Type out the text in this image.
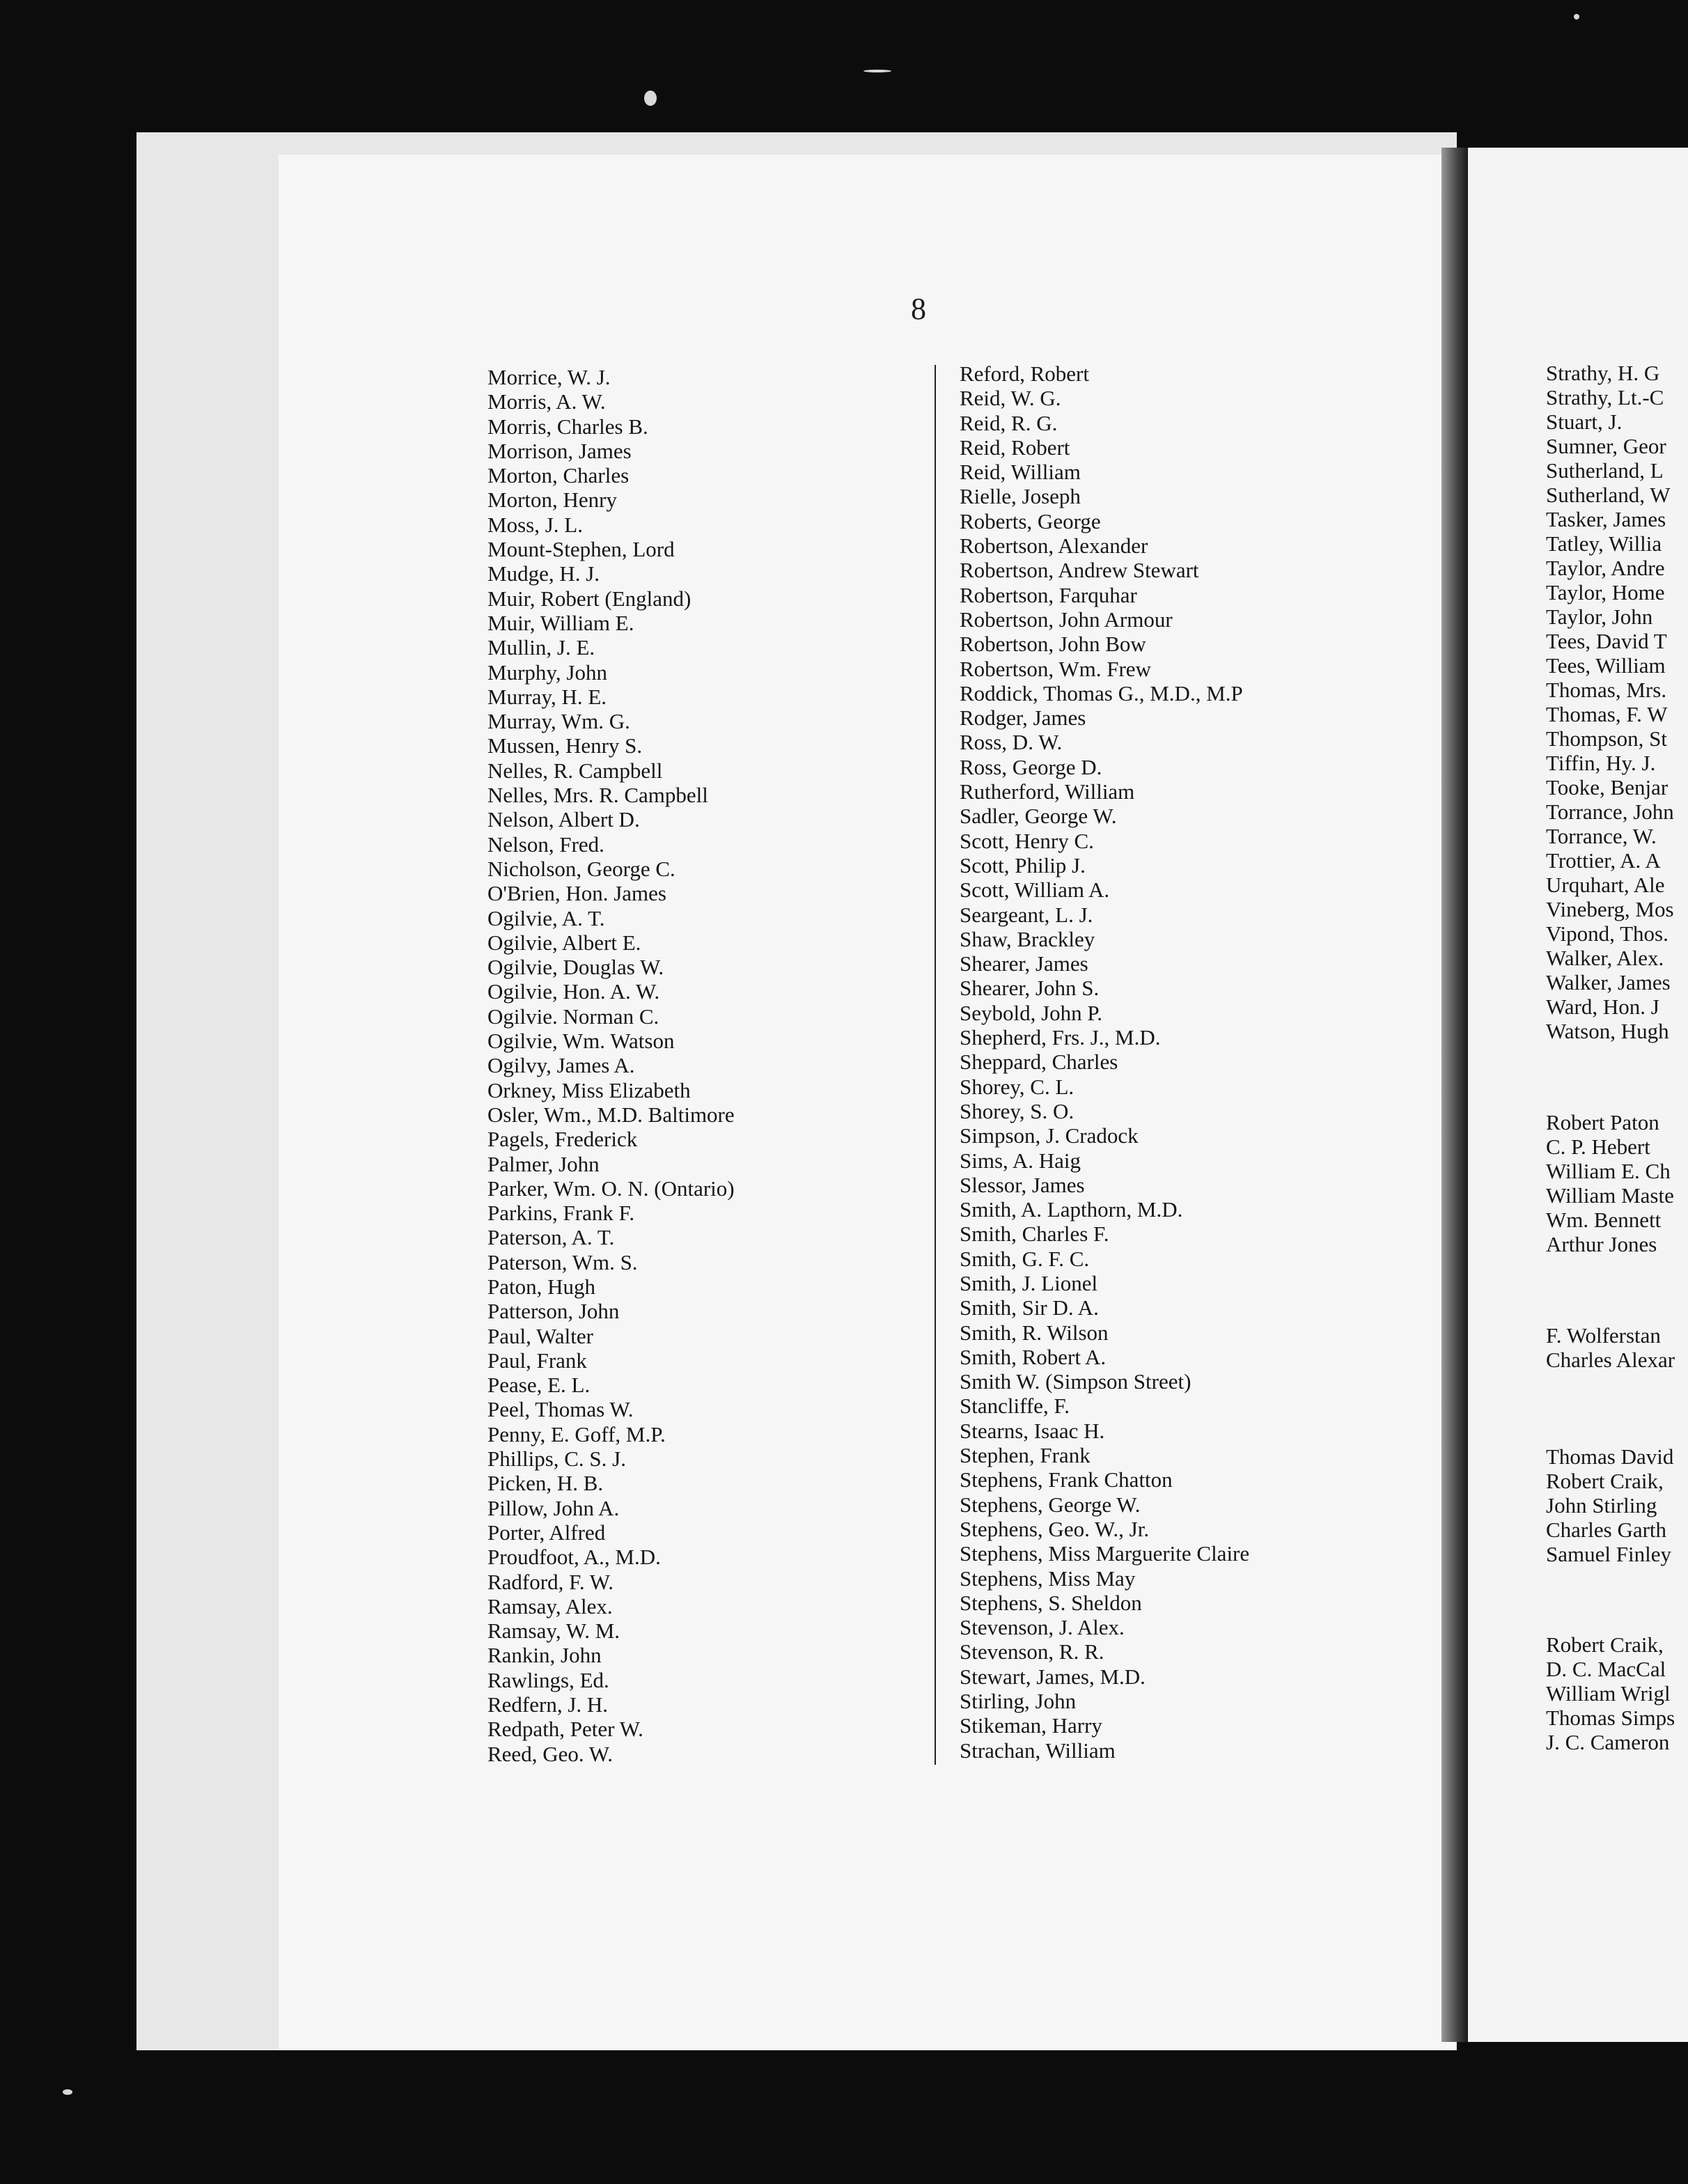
8
Morrice, W. J.
Morris, A. W.
Morris, Charles B.
Morrison, James
Morton, Charles
Morton, Henry
Moss, J. L.
Mount-Stephen, Lord
Mudge, H. J.
Muir, Robert (England)
Muir, William E.
Mullin, J. E.
Murphy, John
Murray, H. E.
Murray, Wm. G.
Mussen, Henry S.
Nelles, R. Campbell
Nelles, Mrs. R. Campbell
Nelson, Albert D.
Nelson, Fred.
Nicholson, George C.
O'Brien, Hon. James
Ogilvie, A. T.
Ogilvie, Albert E.
Ogilvie, Douglas W.
Ogilvie, Hon. A. W.
Ogilvie. Norman C.
Ogilvie, Wm. Watson
Ogilvy, James A.
Orkney, Miss Elizabeth
Osler, Wm., M.D. Baltimore
Pagels, Frederick
Palmer, John
Parker, Wm. O. N. (Ontario)
Parkins, Frank F.
Paterson, A. T.
Paterson, Wm. S.
Paton, Hugh
Patterson, John
Paul, Walter
Paul, Frank
Pease, E. L.
Peel, Thomas W.
Penny, E. Goff, M.P.
Phillips, C. S. J.
Picken, H. B.
Pillow, John A.
Porter, Alfred
Proudfoot, A., M.D.
Radford, F. W.
Ramsay, Alex.
Ramsay, W. M.
Rankin, John
Rawlings, Ed.
Redfern, J. H.
Redpath, Peter W.
Reed, Geo. W.
Reford, Robert
Reid, W. G.
Reid, R. G.
Reid, Robert
Reid, William
Rielle, Joseph
Roberts, George
Robertson, Alexander
Robertson, Andrew Stewart
Robertson, Farquhar
Robertson, John Armour
Robertson, John Bow
Robertson, Wm. Frew
Roddick, Thomas G., M.D., M.P
Rodger, James
Ross, D. W.
Ross, George D.
Rutherford, William
Sadler, George W.
Scott, Henry C.
Scott, Philip J.
Scott, William A.
Seargeant, L. J.
Shaw, Brackley
Shearer, James
Shearer, John S.
Seybold, John P.
Shepherd, Frs. J., M.D.
Sheppard, Charles
Shorey, C. L.
Shorey, S. O.
Simpson, J. Cradock
Sims, A. Haig
Slessor, James
Smith, A. Lapthorn, M.D.
Smith, Charles F.
Smith, G. F. C.
Smith, J. Lionel
Smith, Sir D. A.
Smith, R. Wilson
Smith, Robert A.
Smith W. (Simpson Street)
Stancliffe, F.
Stearns, Isaac H.
Stephen, Frank
Stephens, Frank Chatton
Stephens, George W.
Stephens, Geo. W., Jr.
Stephens, Miss Marguerite Claire
Stephens, Miss May
Stephens, S. Sheldon
Stevenson, J. Alex.
Stevenson, R. R.
Stewart, James, M.D.
Stirling, John
Stikeman, Harry
Strachan, William
Strathy, H. G
Strathy, Lt.-C
Stuart, J.
Sumner, Geor
Sutherland, L
Sutherland, W
Tasker, James
Tatley, Willia
Taylor, Andre
Taylor, Home
Taylor, John
Tees, David T
Tees, William
Thomas, Mrs.
Thomas, F. W
Thompson, St
Tiffin, Hy. J.
Tooke, Benjar
Torrance, John
Torrance, W.
Trottier, A. A
Urquhart, Ale
Vineberg, Mos
Vipond, Thos.
Walker, Alex.
Walker, James
Ward, Hon. J
Watson, Hugh
Robert Paton
C. P. Hebert
William E. Ch
William Maste
Wm. Bennett
Arthur Jones
F. Wolferstan
Charles Alexar
Thomas David
Robert Craik,
John Stirling
Charles Garth
Samuel Finley
Robert Craik,
D. C. MacCal
William Wrigl
Thomas Simps
J. C. Cameron
